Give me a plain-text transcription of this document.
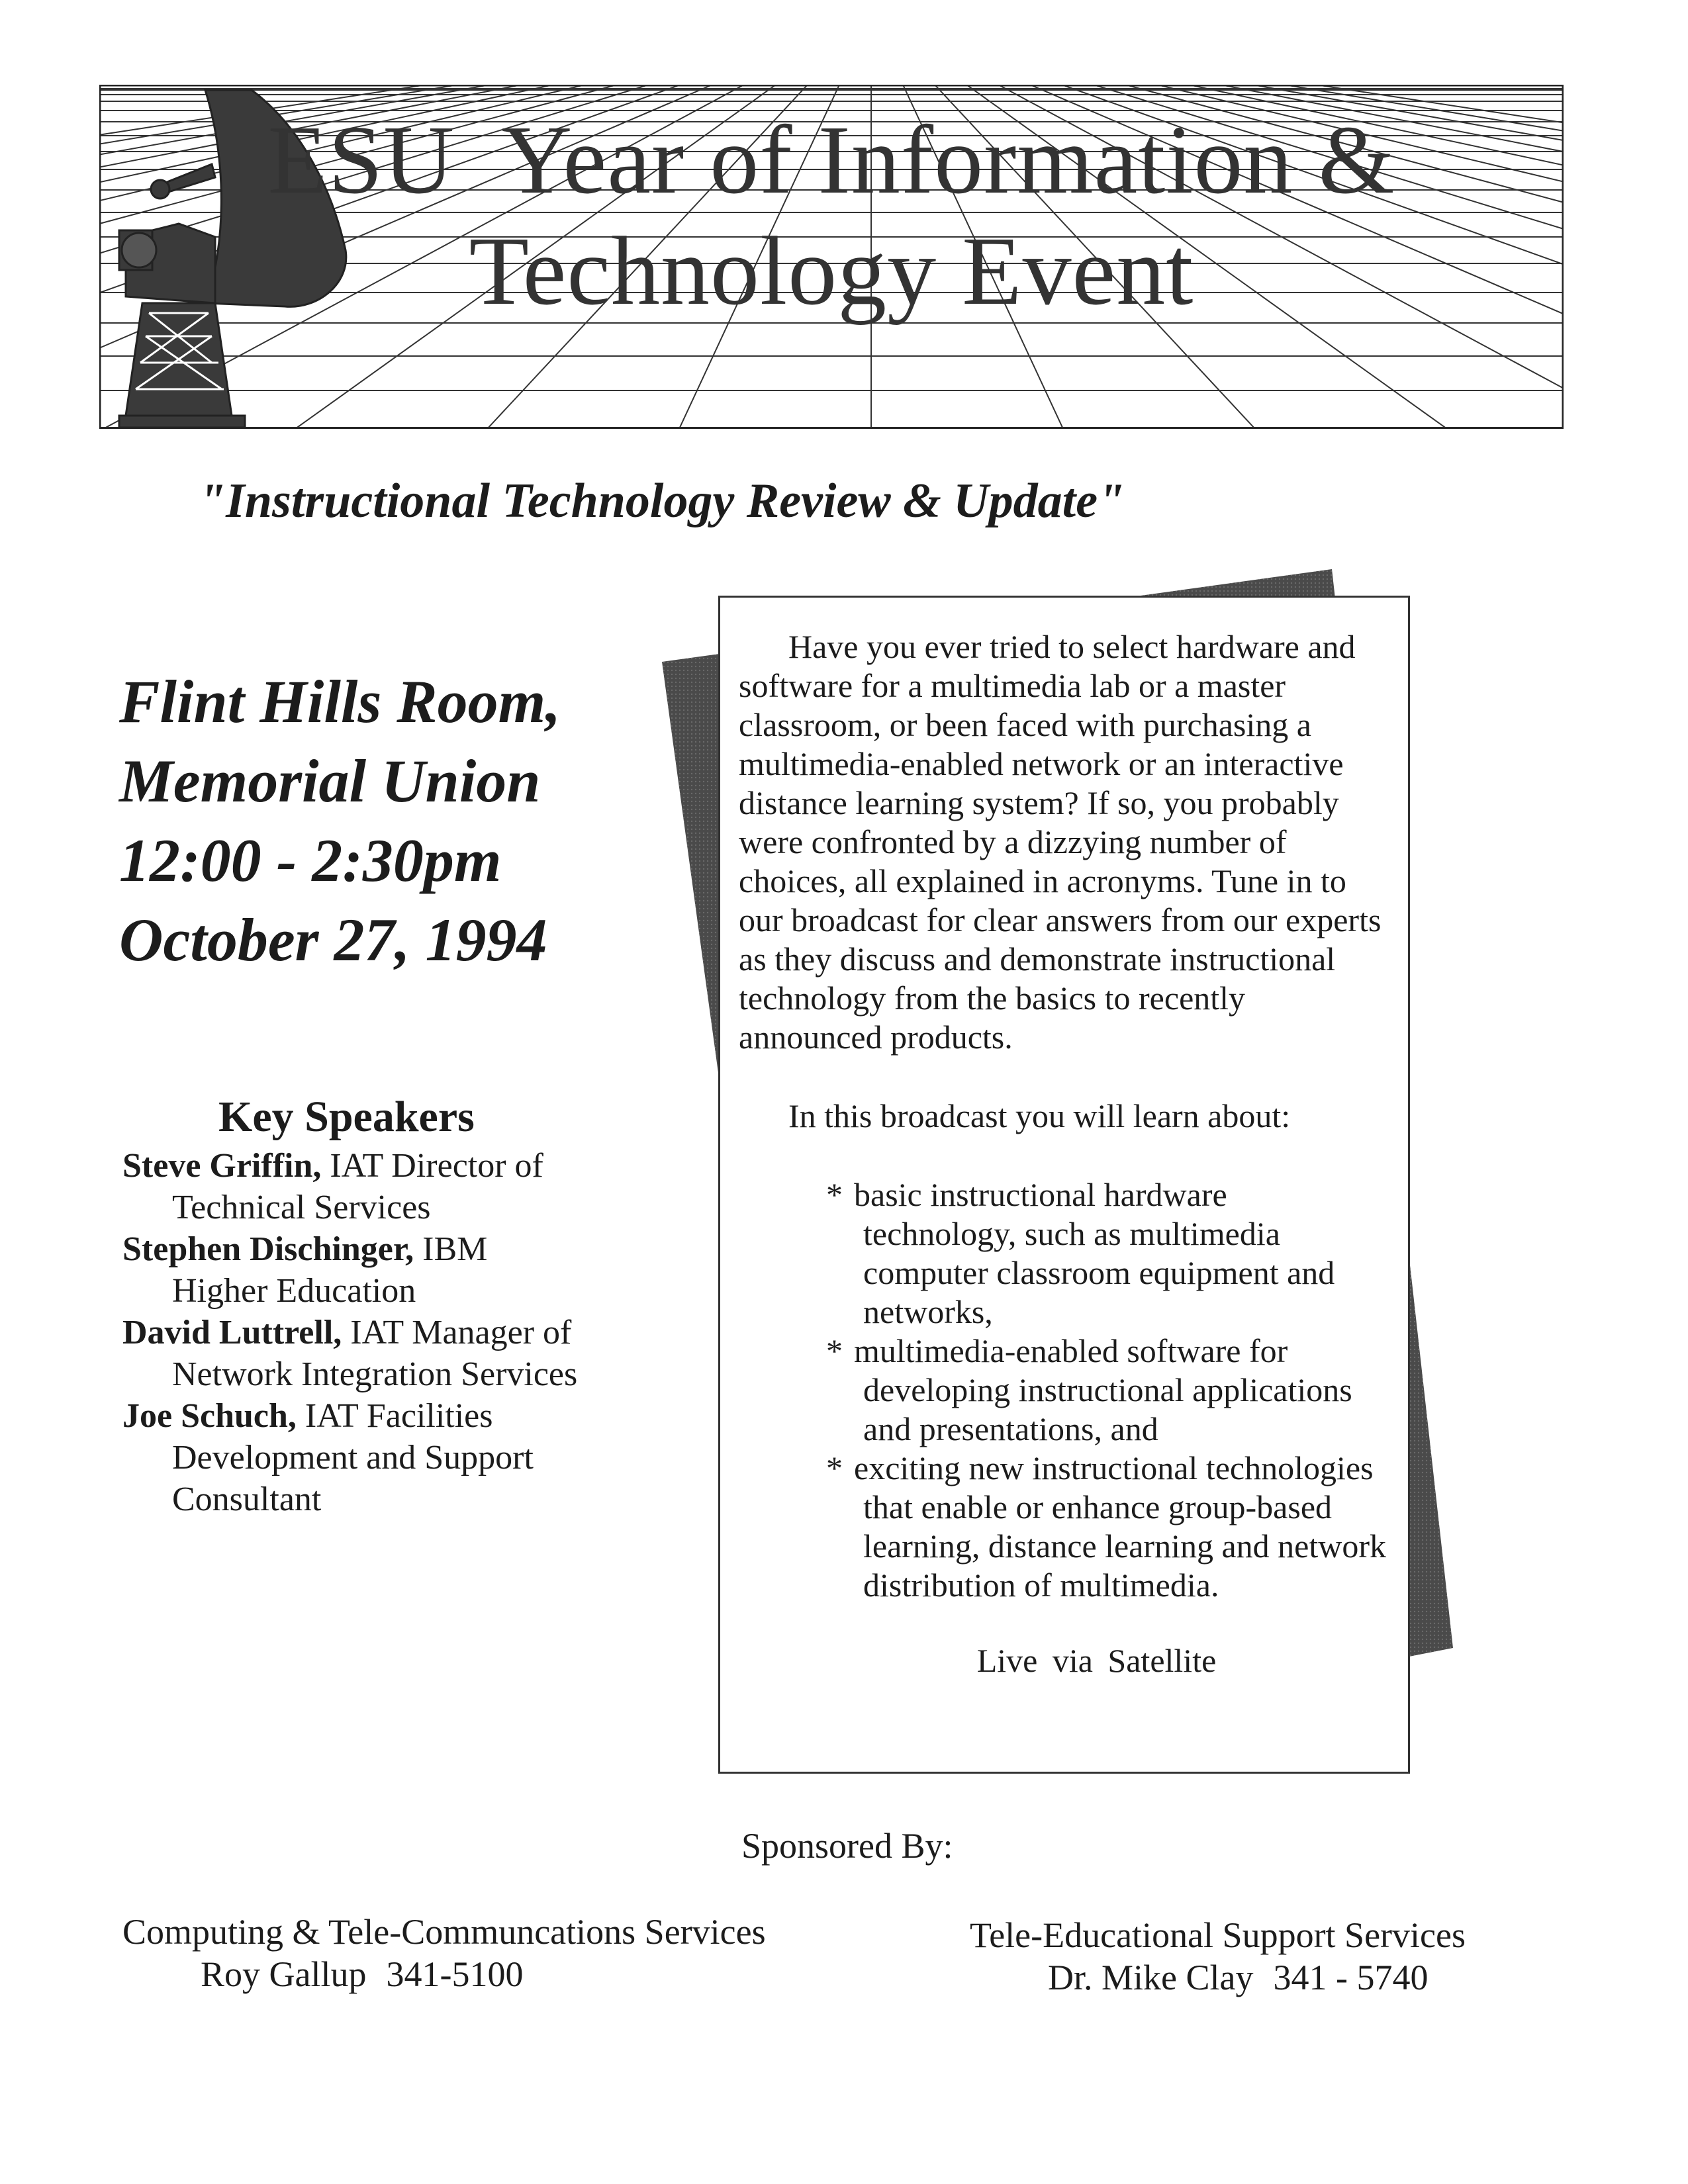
ESU  Year of Information &
Technology Event
"Instructional Technology Review & Update"
Flint Hills Room,
Memorial Union
12:00 - 2:30pm
October 27, 1994
Key Speakers
Steve Griffin, IAT Director of
Technical Services
Stephen Dischinger, IBM
Higher Education
David Luttrell, IAT Manager of
Network Integration Services
Joe Schuch, IAT Facilities
Development and Support
Consultant

Have you ever tried to select hardware and software for a multimedia lab or a master classroom, or been faced with purchasing a multimedia-enabled network or an interactive distance learning system? If so, you probably were confronted by a dizzying number of choices, all explained in acronyms. Tune in to our broadcast for clear answers from our experts as they discuss and demonstrate instructional technology from the basics to recently announced products.

In this broadcast you will learn about:
* basic instructional hardware technology, such as multimedia computer classroom equipment and networks,
* multimedia-enabled software for developing instructional applications and presentations, and
* exciting new instructional technologies that enable or enhance group-based learning, distance learning and network distribution of multimedia.
Live via Satellite
Sponsored By:
Computing & Tele-Communcations Services
Roy Gallup 341-5100
Tele-Educational Support Services
Dr. Mike Clay 341 - 5740
